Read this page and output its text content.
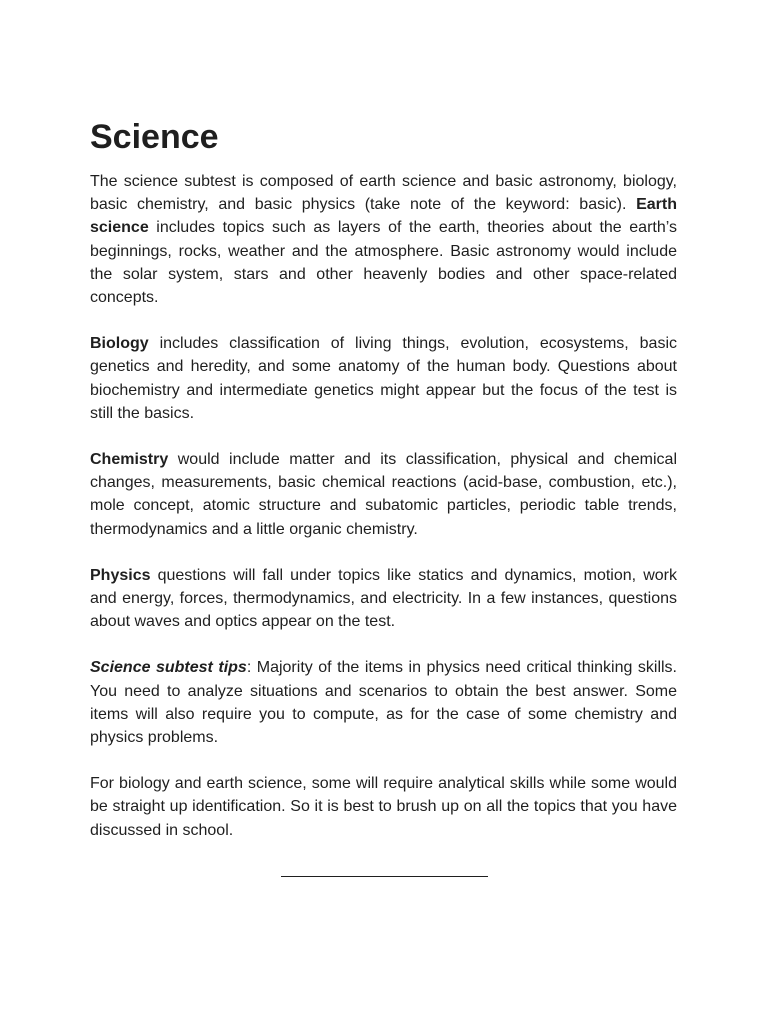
Science

The science subtest is composed of earth science and basic astronomy, biology, basic chemistry, and basic physics (take note of the keyword: basic). Earth science includes topics such as layers of the earth, theories about the earth’s beginnings, rocks, weather and the atmosphere. Basic astronomy would include the solar system, stars and other heavenly bodies and other space-related concepts.

Biology includes classification of living things, evolution, ecosystems, basic genetics and heredity, and some anatomy of the human body. Questions about biochemistry and intermediate genetics might appear but the focus of the test is still the basics.

Chemistry would include matter and its classification, physical and chemical changes, measurements, basic chemical reactions (acid-base, combustion, etc.), mole concept, atomic structure and subatomic particles, periodic table trends, thermodynamics and a little organic chemistry.

Physics questions will fall under topics like statics and dynamics, motion, work and energy, forces, thermodynamics, and electricity. In a few instances, questions about waves and optics appear on the test.

Science subtest tips: Majority of the items in physics need critical thinking skills. You need to analyze situations and scenarios to obtain the best answer. Some items will also require you to compute, as for the case of some chemistry and physics problems.

For biology and earth science, some will require analytical skills while some would be straight up identification. So it is best to brush up on all the topics that you have discussed in school.
